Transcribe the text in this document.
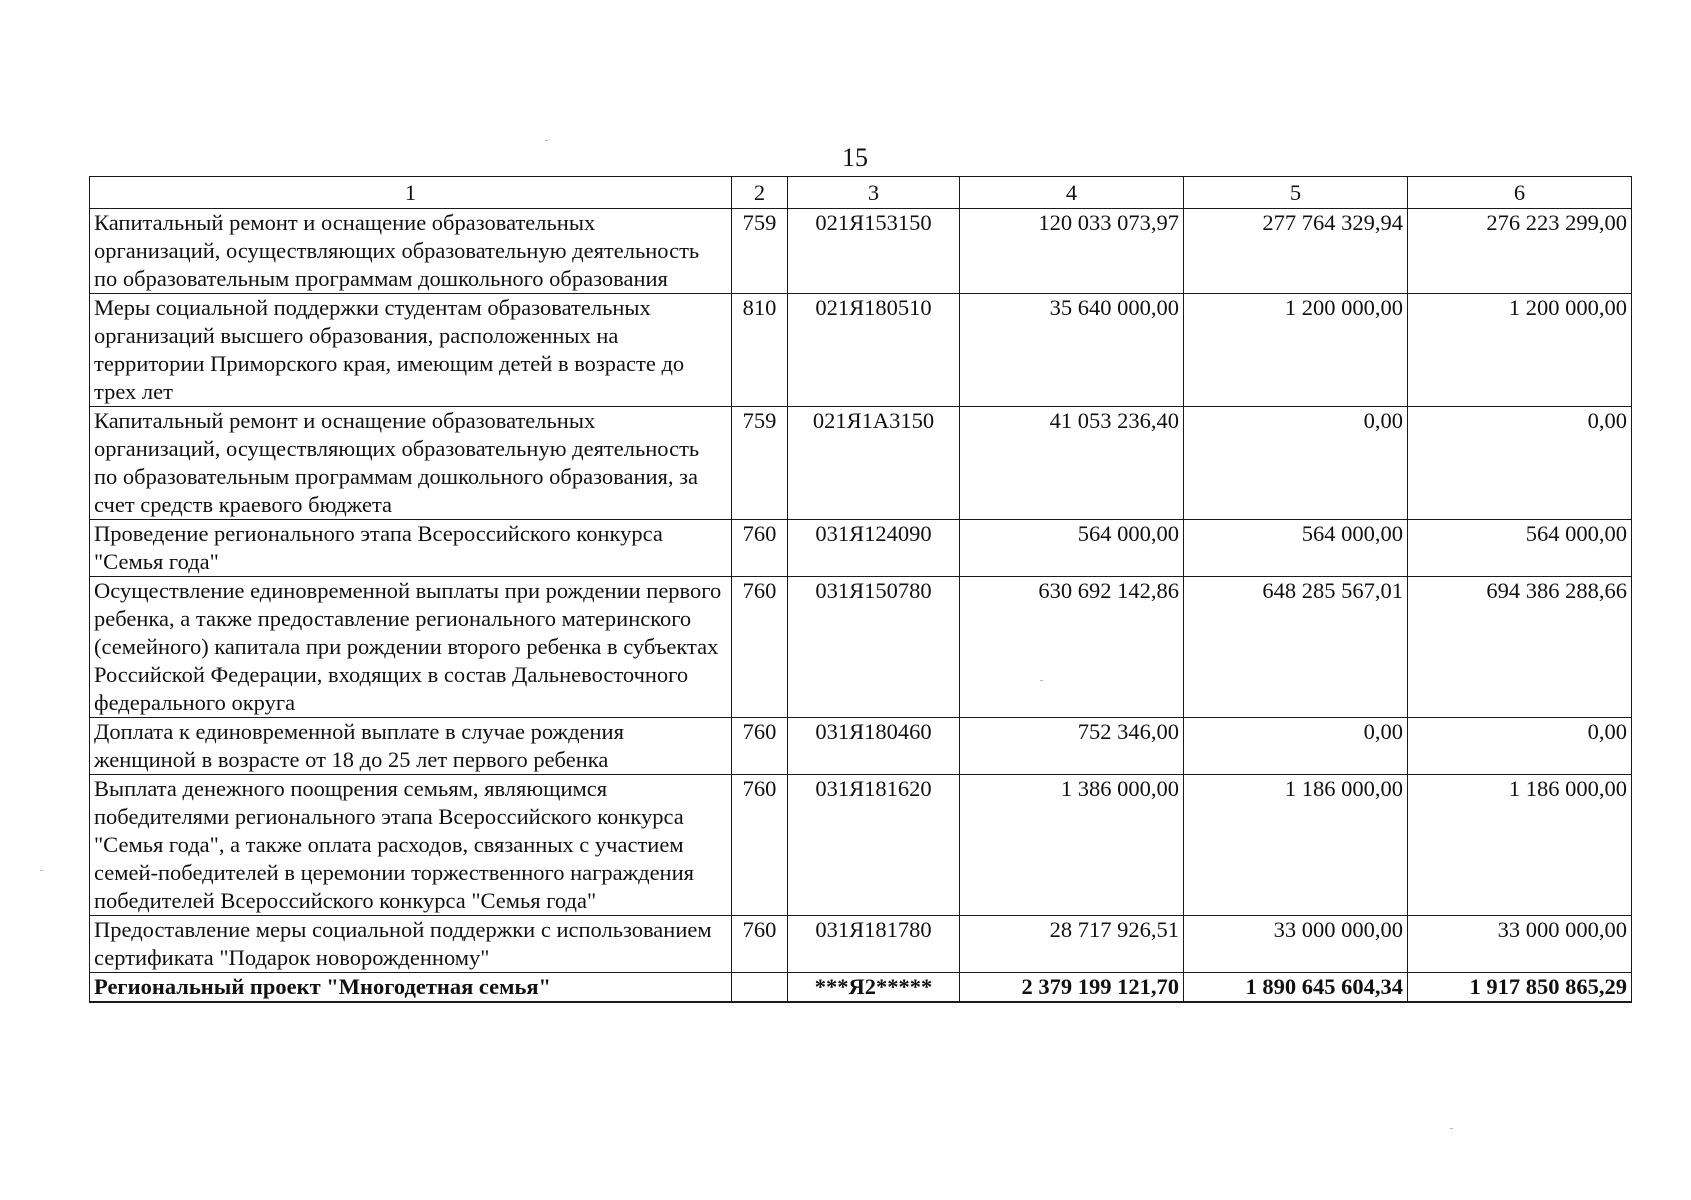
15
1	2	3	4	5	6
Капитальный ремонт и оснащение образовательных организаций, осуществляющих образовательную деятельность по образовательным программам дошкольного образования	759	021Я153150	120 033 073,97	277 764 329,94	276 223 299,00
Меры социальной поддержки студентам образовательных организаций высшего образования, расположенных на территории Приморского края, имеющим детей в возрасте до трех лет	810	021Я180510	35 640 000,00	1 200 000,00	1 200 000,00
Капитальный ремонт и оснащение образовательных организаций, осуществляющих образовательную деятельность по образовательным программам дошкольного образования, за счет средств краевого бюджета	759	021Я1А3150	41 053 236,40	0,00	0,00
Проведение регионального этапа Всероссийского конкурса "Семья года"	760	031Я124090	564 000,00	564 000,00	564 000,00
Осуществление единовременной выплаты при рождении первого ребенка, а также предоставление регионального материнского (семейного) капитала при рождении второго ребенка в субъектах Российской Федерации, входящих в состав Дальневосточного федерального округа	760	031Я150780	630 692 142,86	648 285 567,01	694 386 288,66
Доплата к единовременной выплате в случае рождения женщиной в возрасте от 18 до 25 лет первого ребенка	760	031Я180460	752 346,00	0,00	0,00
Выплата денежного поощрения семьям, являющимся победителями регионального этапа Всероссийского конкурса "Семья года", а также оплата расходов, связанных с участием семей-победителей в церемонии торжественного награждения победителей Всероссийского конкурса "Семья года"	760	031Я181620	1 386 000,00	1 186 000,00	1 186 000,00
Предоставление меры социальной поддержки с использованием сертификата "Подарок новорожденному"	760	031Я181780	28 717 926,51	33 000 000,00	33 000 000,00
Региональный проект "Многодетная семья"		***Я2*****	2 379 199 121,70	1 890 645 604,34	1 917 850 865,29
